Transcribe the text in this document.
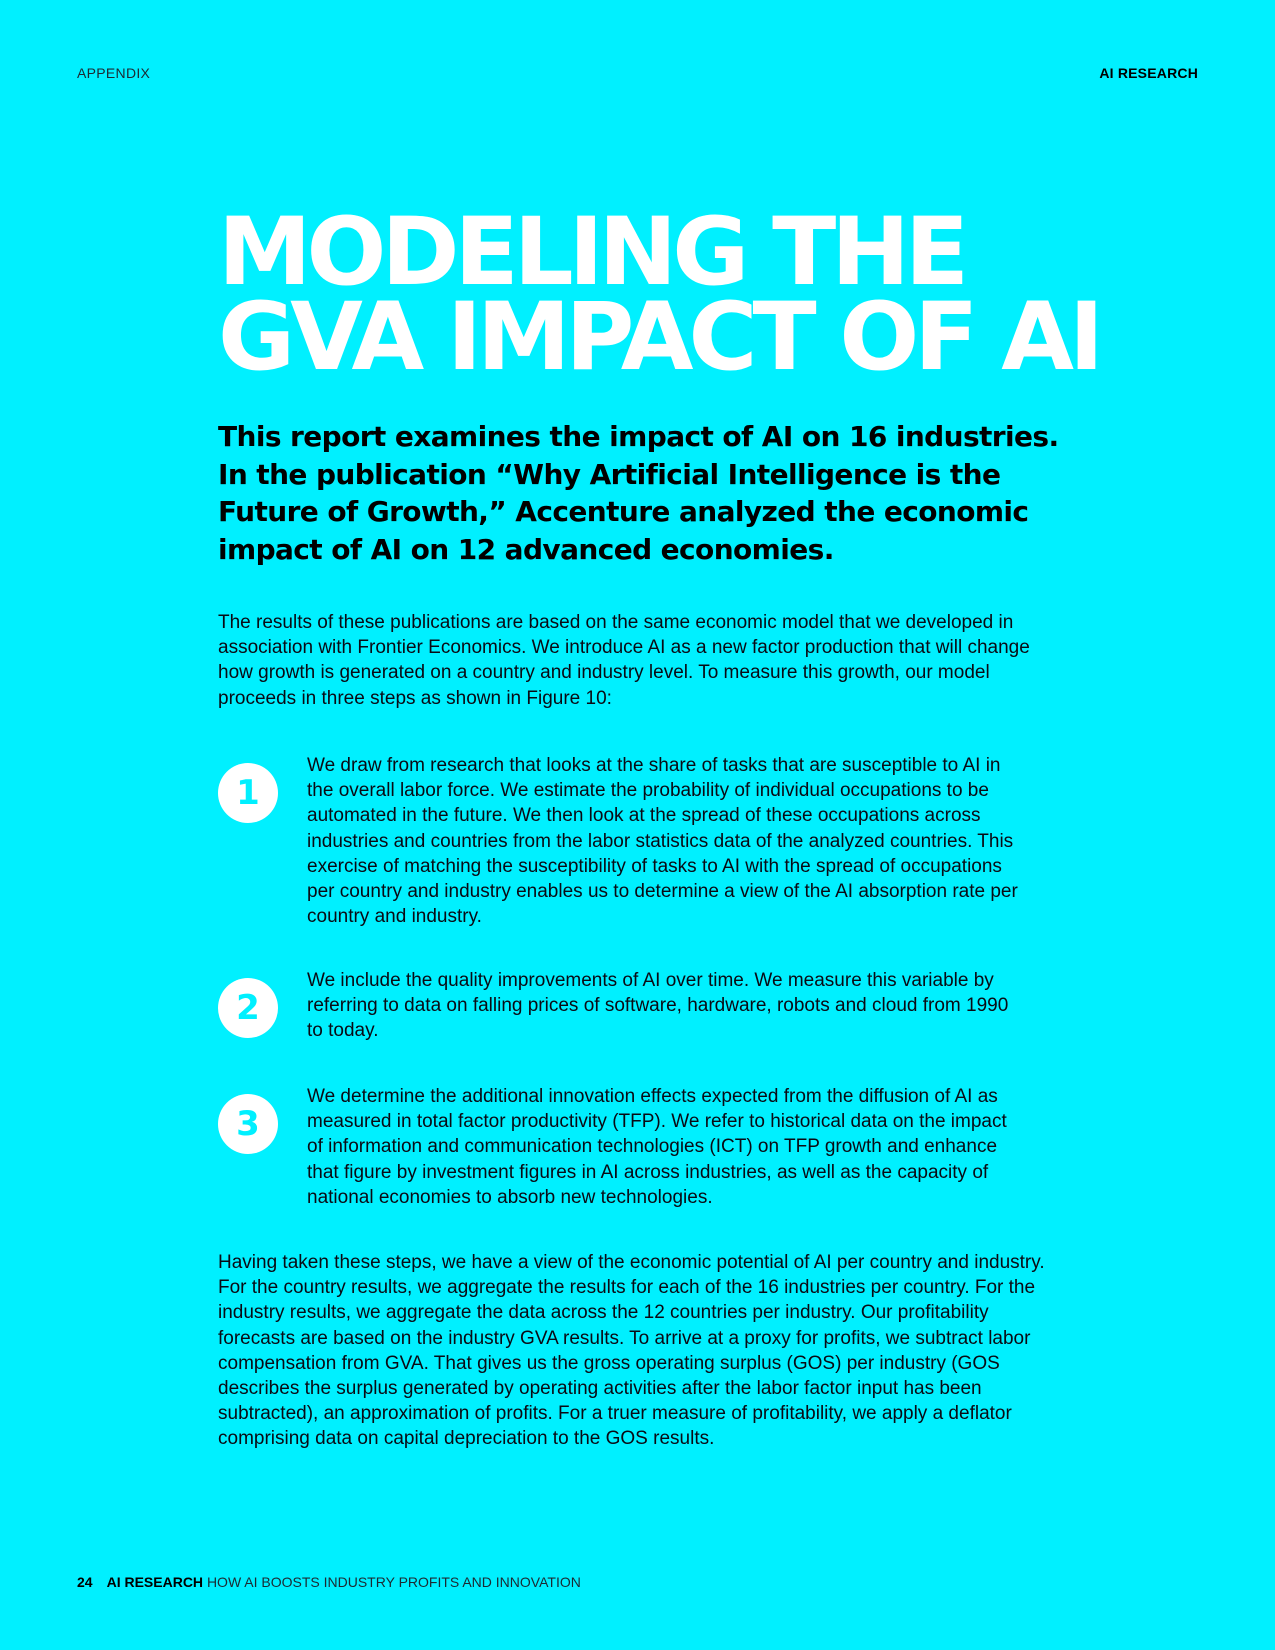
APPENDIX	AI RESEARCH
MODELING THE
GVA IMPACT OF AI

This report examines the impact of AI on 16 industries. In the publication “Why Artificial Intelligence is the Future of Growth,” Accenture analyzed the economic impact of AI on 12 advanced economies.

The results of these publications are based on the same economic model that we developed in association with Frontier Economics. We introduce AI as a new factor production that will change how growth is generated on a country and industry level. To measure this growth, our model proceeds in three steps as shown in Figure 10:

1

We draw from research that looks at the share of tasks that are susceptible to AI in the overall labor force. We estimate the probability of individual occupations to be automated in the future. We then look at the spread of these occupations across industries and countries from the labor statistics data of the analyzed countries. This exercise of matching the susceptibility of tasks to AI with the spread of occupations per country and industry enables us to determine a view of the AI absorption rate per country and industry.

2

We include the quality improvements of AI over time. We measure this variable by referring to data on falling prices of software, hardware, robots and cloud from 1990 to today.

3

We determine the additional innovation effects expected from the diffusion of AI as measured in total factor productivity (TFP). We refer to historical data on the impact of information and communication technologies (ICT) on TFP growth and enhance that figure by investment figures in AI across industries, as well as the capacity of national economies to absorb new technologies.

Having taken these steps, we have a view of the economic potential of AI per country and industry. For the country results, we aggregate the results for each of the 16 industries per country. For the industry results, we aggregate the data across the 12 countries per industry. Our profitability forecasts are based on the industry GVA results. To arrive at a proxy for profits, we subtract labor compensation from GVA. That gives us the gross operating surplus (GOS) per industry (GOS describes the surplus generated by operating activities after the labor factor input has been subtracted), an approximation of profits. For a truer measure of profitability, we apply a deflator comprising data on capital depreciation to the GOS results.

24 AI RESEARCH HOW AI BOOSTS INDUSTRY PROFITS AND INNOVATION
